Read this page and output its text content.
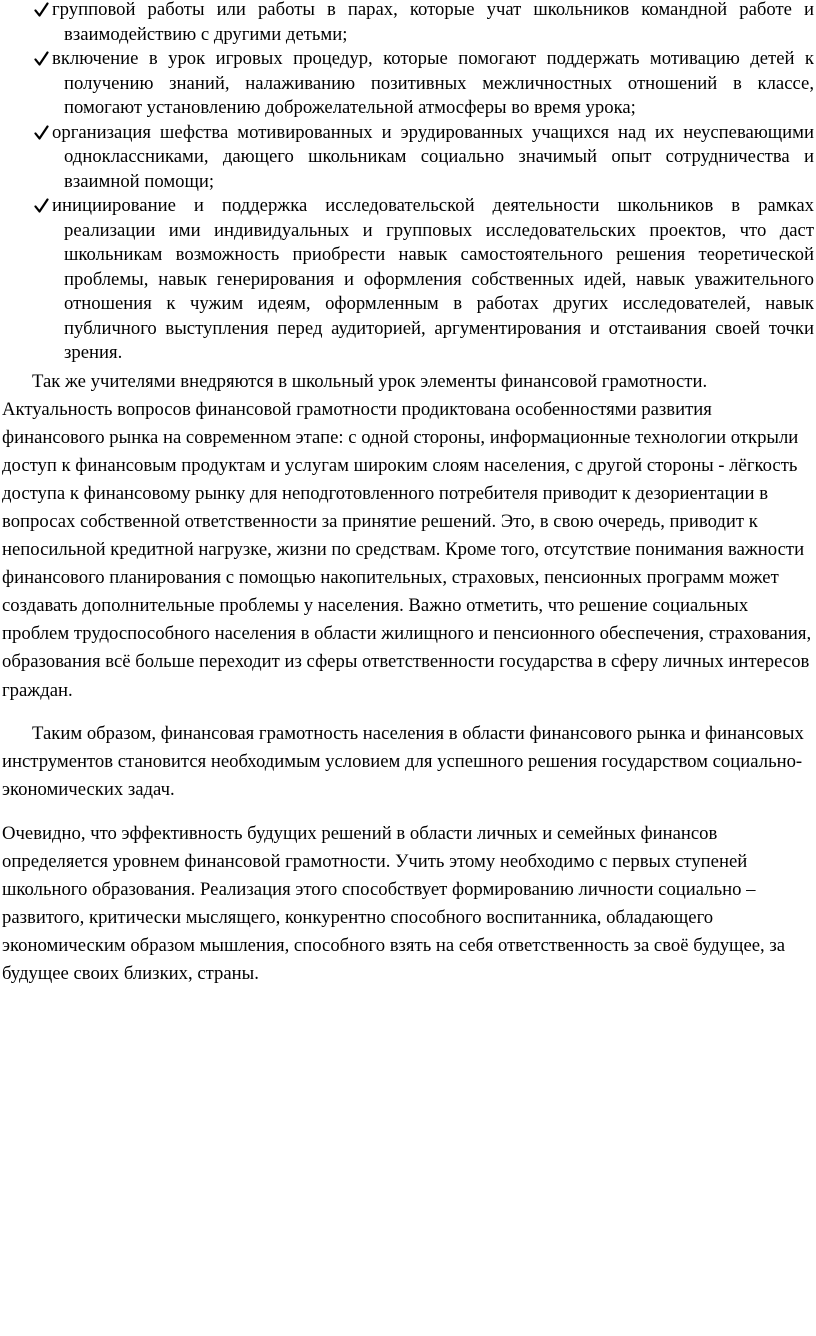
групповой работы или работы в парах, которые учат школьников командной работе и взаимодействию с другими детьми;
включение в урок игровых процедур, которые помогают поддержать мотивацию детей к получению знаний, налаживанию позитивных межличностных отношений в классе, помогают установлению доброжелательной атмосферы во время урока;
организация шефства мотивированных и эрудированных учащихся над их неуспевающими одноклассниками, дающего школьникам социально значимый опыт сотрудничества и взаимной помощи;
инициирование и поддержка исследовательской деятельности школьников в рамках реализации ими индивидуальных и групповых исследовательских проектов, что даст школьникам возможность приобрести навык самостоятельного решения теоретической проблемы, навык генерирования и оформления собственных идей, навык уважительного отношения к чужим идеям, оформленным в работах других исследователей, навык публичного выступления перед аудиторией, аргументирования и отстаивания своей точки зрения.

Так же учителями внедряются в школьный урок элементы финансовой грамотности.

Актуальность вопросов финансовой грамотности продиктована особенностями развития финансового рынка на современном этапе: с одной стороны, информационные технологии открыли доступ к финансовым продуктам и услугам широким слоям населения, с другой стороны - лёгкость доступа к финансовому рынку для неподготовленного потребителя приводит к дезориентации в вопросах собственной ответственности за принятие решений. Это, в свою очередь, приводит к непосильной кредитной нагрузке, жизни по средствам. Кроме того, отсутствие понимания важности финансового планирования с помощью накопительных, страховых, пенсионных программ может создавать дополнительные проблемы у населения. Важно отметить, что решение социальных проблем трудоспособного населения в области жилищного и пенсионного обеспечения, страхования, образования всё больше переходит из сферы ответственности государства в сферу личных интересов граждан.

Таким образом, финансовая грамотность населения в области финансового рынка и финансовых инструментов становится необходимым условием для успешного решения государством социально-экономических задач.

Очевидно, что эффективность будущих решений в области личных и семейных финансов определяется уровнем финансовой грамотности. Учить этому необходимо с первых ступеней школьного образования. Реализация этого способствует формированию личности социально – развитого, критически мыслящего, конкурентно способного воспитанника, обладающего экономическим образом мышления, способного взять на себя ответственность за своё будущее, за будущее своих близких, страны.
